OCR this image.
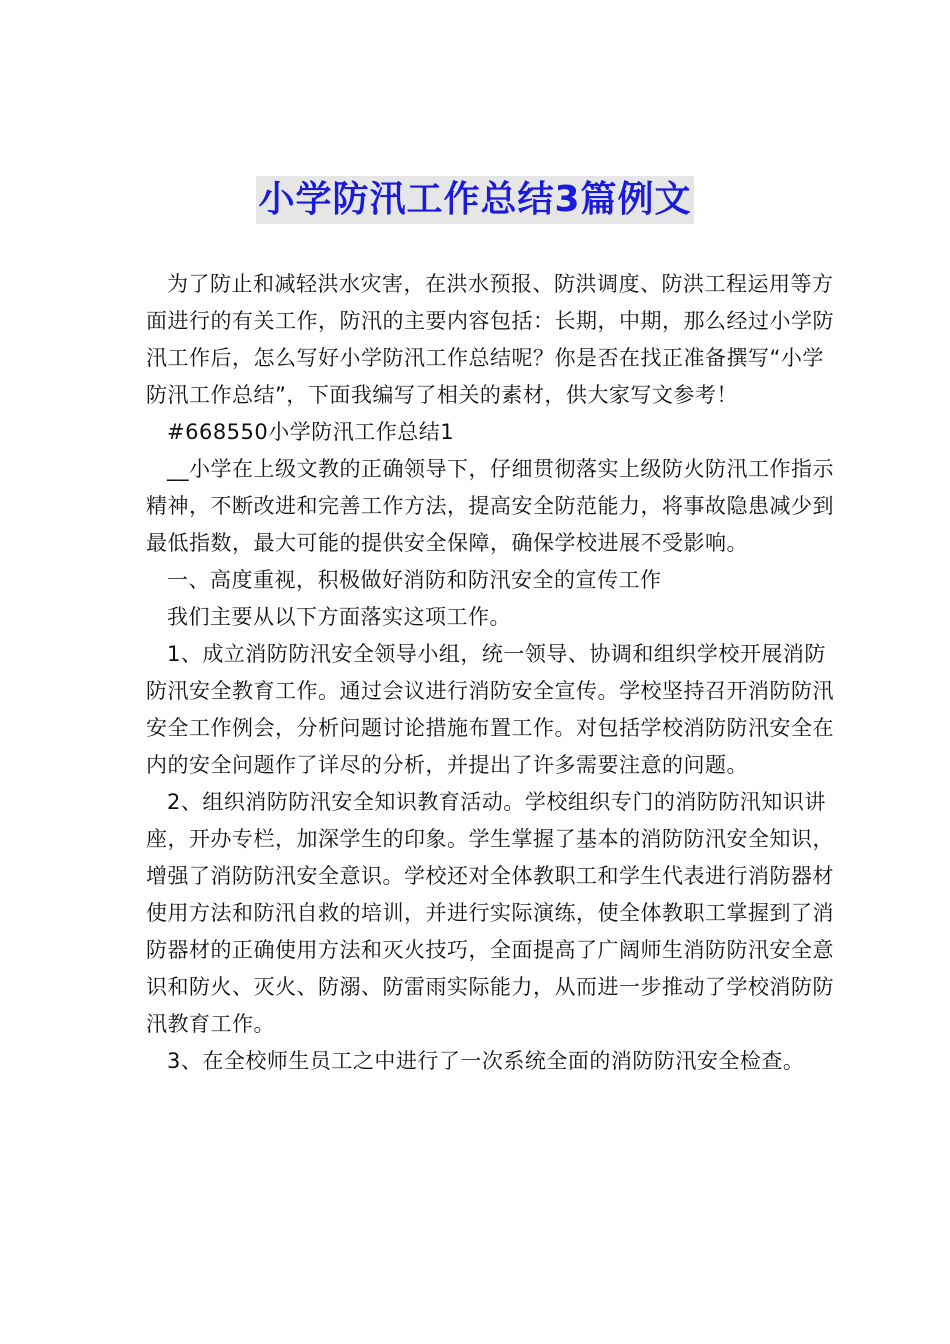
小学防汛工作总结3篇例文

为了防止和减轻洪水灾害，在洪水预报、防洪调度、防洪工程运用等方面进行的有关工作，防汛的主要内容包括：长期，中期，那么经过小学防汛工作后，怎么写好小学防汛工作总结呢？你是否在找正准备撰写“小学防汛工作总结”，下面我编写了相关的素材，供大家写文参考！

#668550小学防汛工作总结1

__小学在上级文教的正确领导下，仔细贯彻落实上级防火防汛工作指示精神，不断改进和完善工作方法，提高安全防范能力，将事故隐患减少到最低指数，最大可能的提供安全保障，确保学校进展不受影响。

一、高度重视，积极做好消防和防汛安全的宣传工作

我们主要从以下方面落实这项工作。

1、成立消防防汛安全领导小组，统一领导、协调和组织学校开展消防防汛安全教育工作。通过会议进行消防安全宣传。学校坚持召开消防防汛安全工作例会，分析问题讨论措施布置工作。对包括学校消防防汛安全在内的安全问题作了详尽的分析，并提出了许多需要注意的问题。

2、组织消防防汛安全知识教育活动。学校组织专门的消防防汛知识讲座，开办专栏，加深学生的印象。学生掌握了基本的消防防汛安全知识，增强了消防防汛安全意识。学校还对全体教职工和学生代表进行消防器材使用方法和防汛自救的培训，并进行实际演练，使全体教职工掌握到了消防器材的正确使用方法和灭火技巧，全面提高了广阔师生消防防汛安全意识和防火、灭火、防溺、防雷雨实际能力，从而进一步推动了学校消防防汛教育工作。

3、在全校师生员工之中进行了一次系统全面的消防防汛安全检查。
